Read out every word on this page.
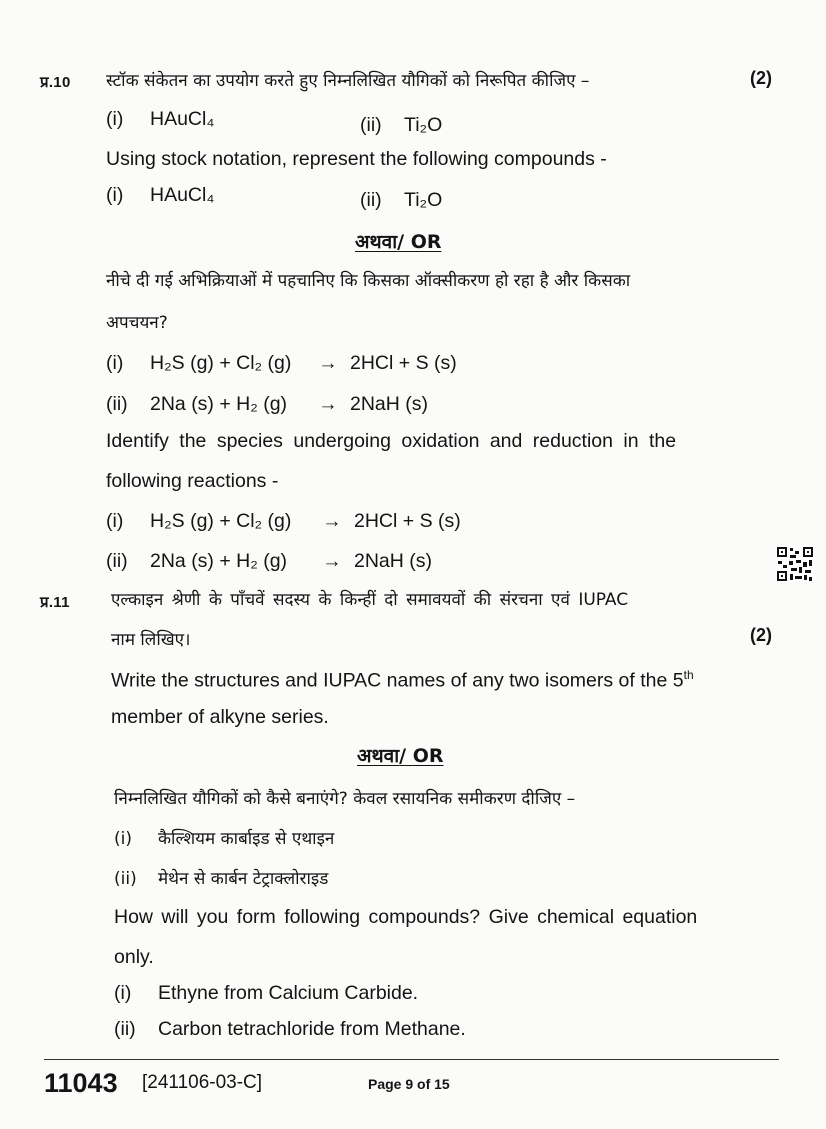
प्र.10 स्टॉक संकेतन का उपयोग करते हुए निम्नलिखित यौगिकों को निरूपित कीजिए –	(2)
(i) HAuCl₄	(ii) Ti₂O
Using stock notation, represent the following compounds -
(i) HAuCl₄	(ii) Ti₂O
अथवा/ OR
नीचे दी गई अभिक्रियाओं में पहचानिए कि किसका ऑक्सीकरण हो रहा है और किसका
अपचयन?
(i) H₂S (g) + Cl₂ (g) → 2HCl + S (s)
(ii) 2Na (s) + H₂ (g) → 2NaH (s)
Identify the species undergoing oxidation and reduction in the
following reactions -
(i) H₂S (g) + Cl₂ (g) → 2HCl + S (s)
(ii) 2Na (s) + H₂ (g) → 2NaH (s)
प्र.11 एल्काइन श्रेणी के पाँचवें सदस्य के किन्हीं दो समावयवों की संरचना एवं IUPAC
नाम लिखिए।	(2)
Write the structures and IUPAC names of any two isomers of the 5th
member of alkyne series.
अथवा/ OR
निम्नलिखित यौगिकों को कैसे बनाएंगे? केवल रसायनिक समीकरण दीजिए –
(i) कैल्शियम कार्बाइड से एथाइन
(ii) मेथेन से कार्बन टेट्राक्लोराइड
How will you form following compounds? Give chemical equation
only.
(i) Ethyne from Calcium Carbide.
(ii) Carbon tetrachloride from Methane.
11043 [241106-03-C]	Page 9 of 15
